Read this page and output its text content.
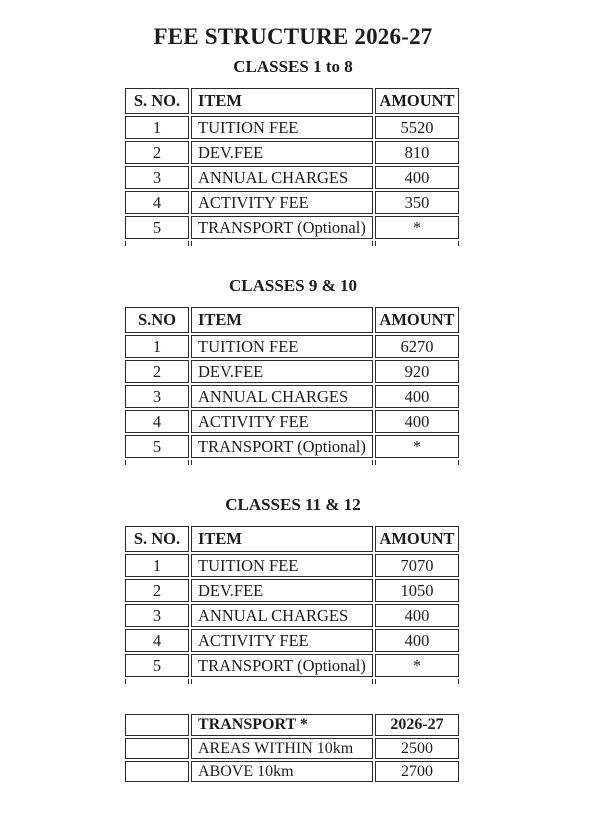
FEE STRUCTURE 2026-27
CLASSES 1 to 8
S. NO.	ITEM	AMOUNT
1	TUITION FEE	5520
2	DEV.FEE	810
3	ANNUAL CHARGES	400
4	ACTIVITY FEE	350
5	TRANSPORT (Optional)	*

CLASSES 9 & 10
S.NO	ITEM	AMOUNT
1	TUITION FEE	6270
2	DEV.FEE	920
3	ANNUAL CHARGES	400
4	ACTIVITY FEE	400
5	TRANSPORT (Optional)	*

CLASSES 11 & 12
S. NO.	ITEM	AMOUNT
1	TUITION FEE	7070
2	DEV.FEE	1050
3	ANNUAL CHARGES	400
4	ACTIVITY FEE	400
5	TRANSPORT (Optional)	*

	TRANSPORT *	2026-27
	AREAS WITHIN 10km	2500
	ABOVE 10km	2700
